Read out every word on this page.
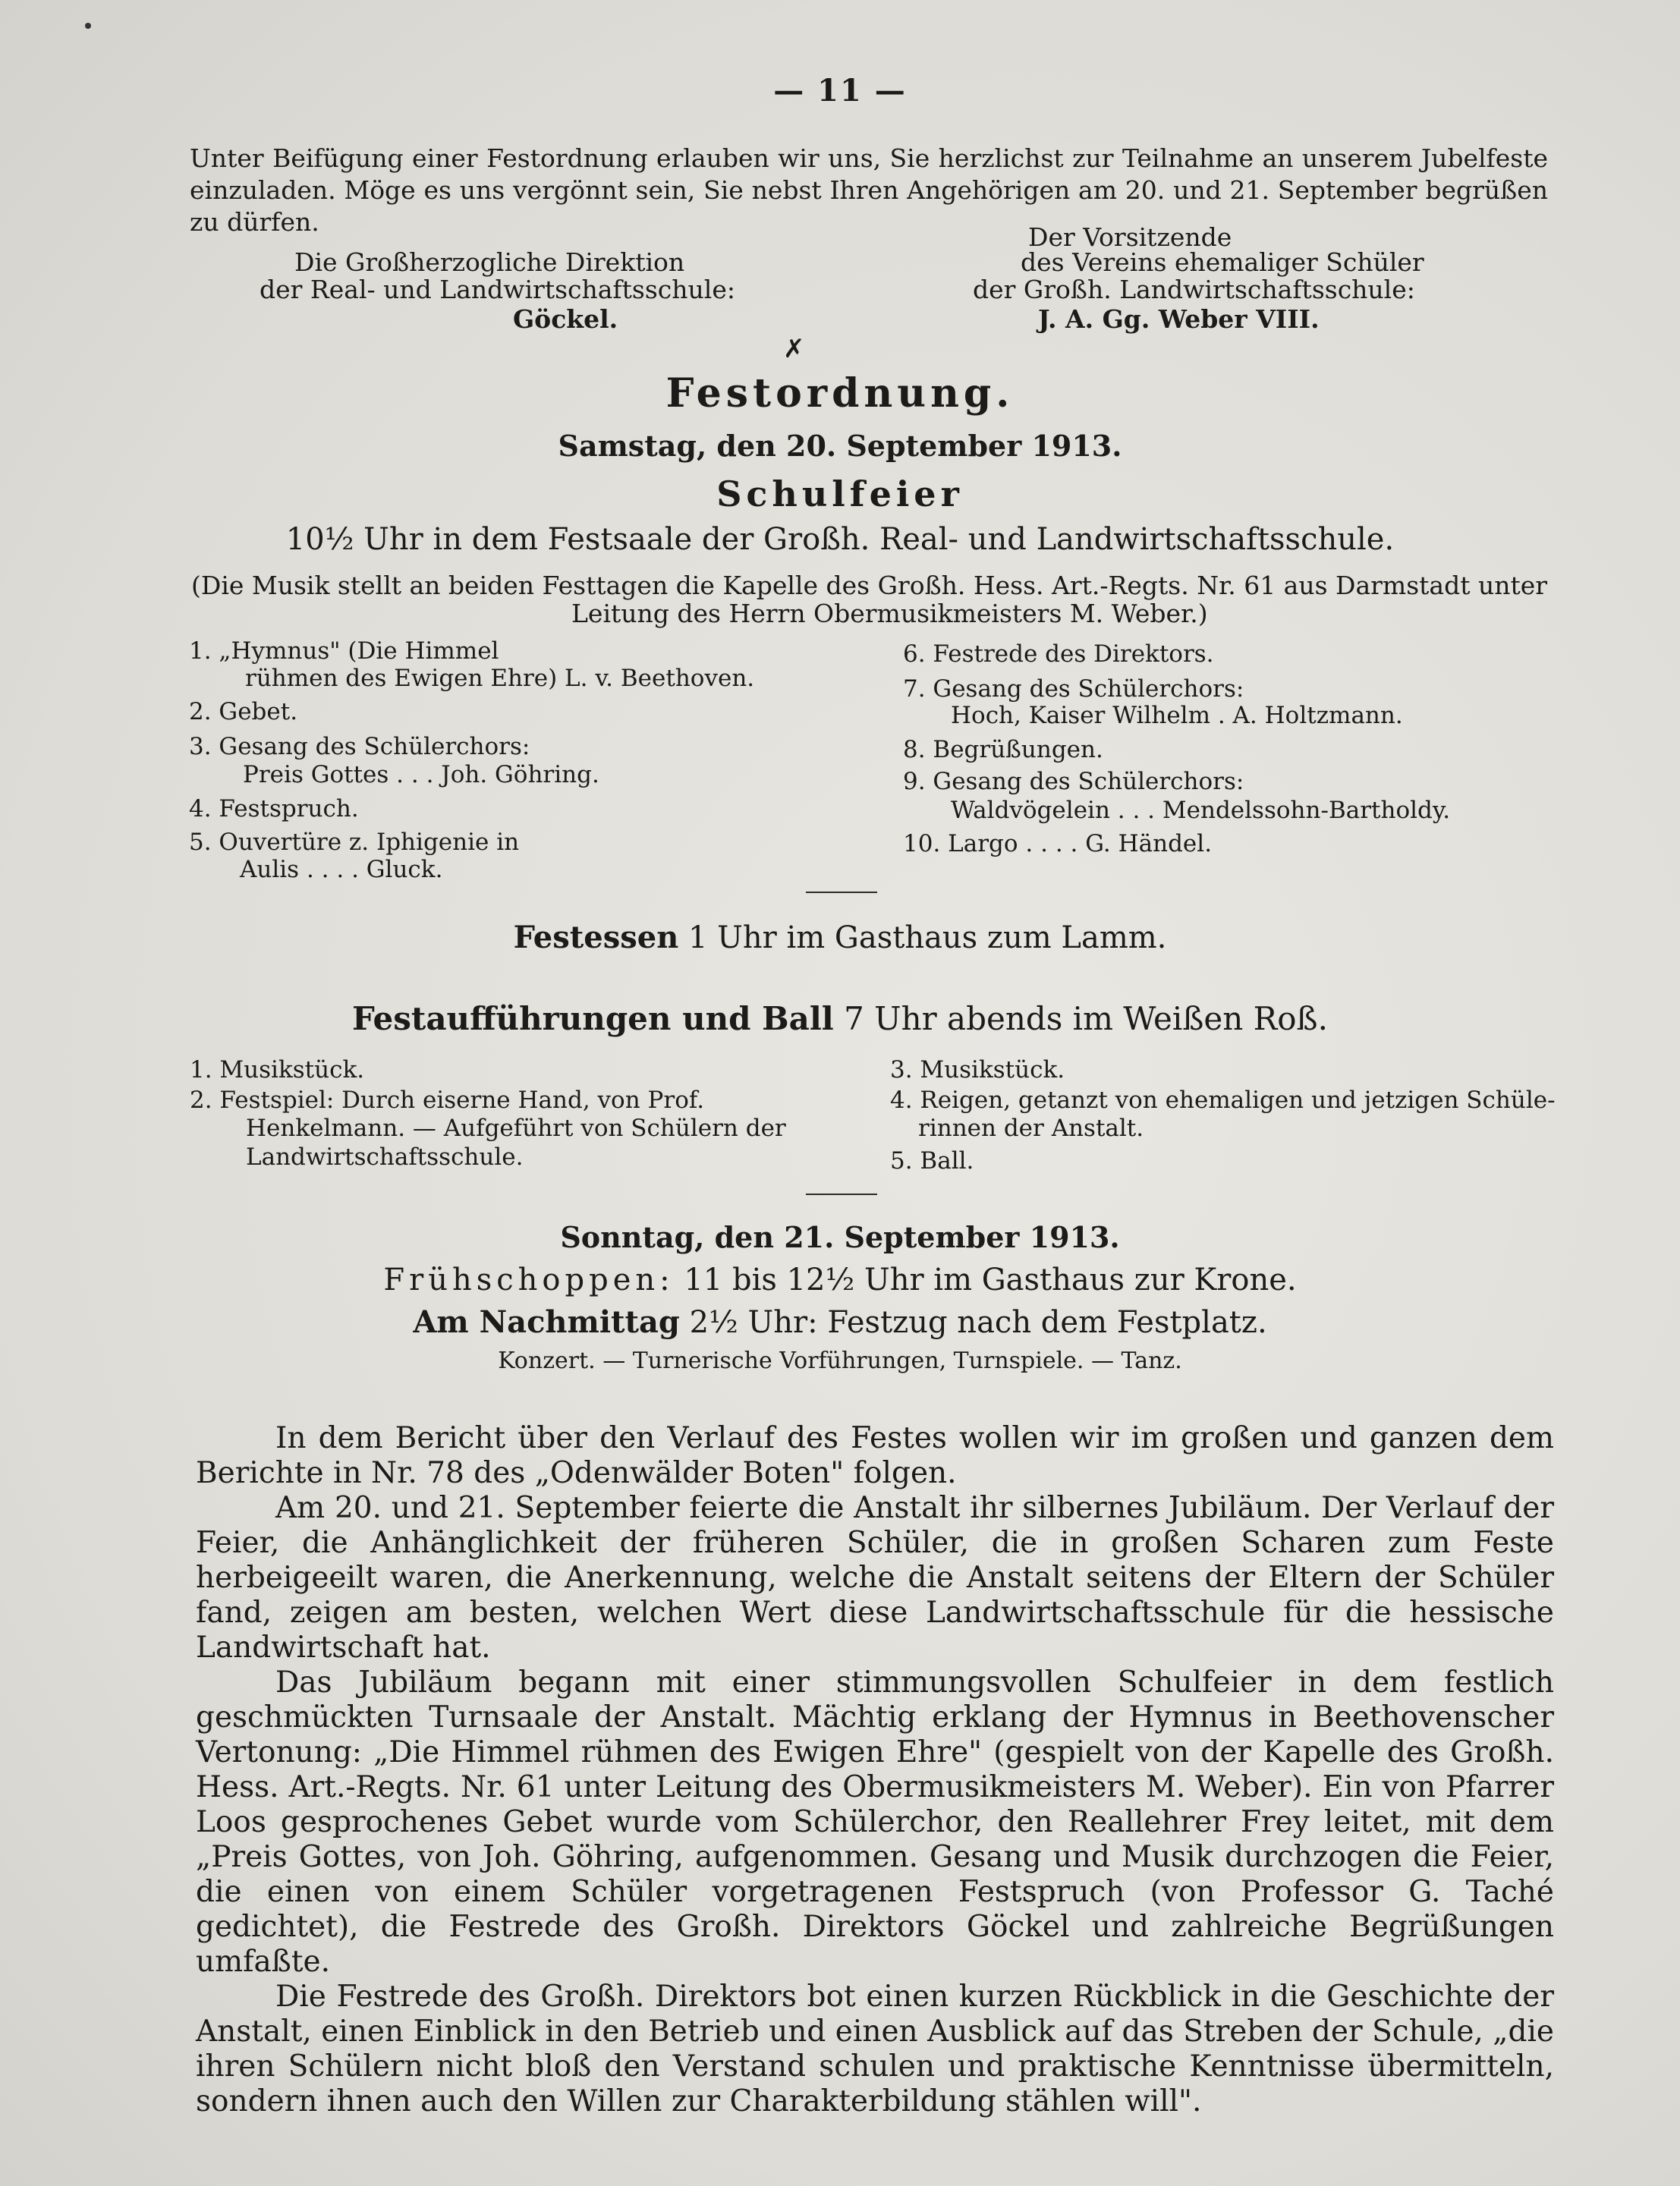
— 11 —
Unter Beifügung einer Festordnung erlauben wir uns, Sie herzlichst zur Teilnahme an unserem Jubelfeste einzuladen. Möge es uns vergönnt sein, Sie nebst Ihren Angehörigen am 20. und 21. September begrüßen zu dürfen.
Der Vorsitzende
Die Großherzogliche Direktion	des Vereins ehemaliger Schüler
der Real- und Landwirtschaftsschule:	der Großh. Landwirtschaftsschule:
Göckel.	J. A. Gg. Weber VIII.
✗
Festordnung.
Samstag, den 20. September 1913.
Schulfeier
10½ Uhr in dem Festsaale der Großh. Real- und Landwirtschaftsschule.
(Die Musik stellt an beiden Festtagen die Kapelle des Großh. Hess. Art.-Regts. Nr. 61 aus Darmstadt unter
Leitung des Herrn Obermusikmeisters M. Weber.)
1. „Hymnus" (Die Himmel
rühmen des Ewigen Ehre) L. v. Beethoven.
2. Gebet.
3. Gesang des Schülerchors:
Preis Gottes . . . Joh. Göhring.
4. Festspruch.
5. Ouvertüre z. Iphigenie in
Aulis . . . . Gluck.
6. Festrede des Direktors.
7. Gesang des Schülerchors:
Hoch, Kaiser Wilhelm . A. Holtzmann.
8. Begrüßungen.
9. Gesang des Schülerchors:
Waldvögelein . . . Mendelssohn-Bartholdy.
10. Largo . . . . G. Händel.
Festessen 1 Uhr im Gasthaus zum Lamm.
Festaufführungen und Ball 7 Uhr abends im Weißen Roß.
1. Musikstück.
2. Festspiel: Durch eiserne Hand, von Prof.
Henkelmann. — Aufgeführt von Schülern der
Landwirtschaftsschule.
3. Musikstück.
4. Reigen, getanzt von ehemaligen und jetzigen Schüle-
rinnen der Anstalt.
5. Ball.
Sonntag, den 21. September 1913.
Frühschoppen: 11 bis 12½ Uhr im Gasthaus zur Krone.
Am Nachmittag 2½ Uhr: Festzug nach dem Festplatz.
Konzert. — Turnerische Vorführungen, Turnspiele. — Tanz.

In dem Bericht über den Verlauf des Festes wollen wir im großen und ganzen dem Berichte in Nr. 78 des „Odenwälder Boten" folgen.

Am 20. und 21. September feierte die Anstalt ihr silbernes Jubiläum. Der Verlauf der Feier, die Anhänglichkeit der früheren Schüler, die in großen Scharen zum Feste herbeigeeilt waren, die Anerkennung, welche die Anstalt seitens der Eltern der Schüler fand, zeigen am besten, welchen Wert diese Landwirtschaftsschule für die hessische Landwirtschaft hat.

Das Jubiläum begann mit einer stimmungsvollen Schulfeier in dem festlich geschmückten Turnsaale der Anstalt. Mächtig erklang der Hymnus in Beethovenscher Vertonung: „Die Himmel rühmen des Ewigen Ehre" (gespielt von der Kapelle des Großh. Hess. Art.-Regts. Nr. 61 unter Leitung des Obermusikmeisters M. Weber). Ein von Pfarrer Loos gesprochenes Gebet wurde vom Schülerchor, den Reallehrer Frey leitet, mit dem „Preis Gottes, von Joh. Göhring, aufgenommen. Gesang und Musik durchzogen die Feier, die einen von einem Schüler vorgetragenen Festspruch (von Professor G. Taché gedichtet), die Festrede des Großh. Direktors Göckel und zahlreiche Begrüßungen umfaßte.

Die Festrede des Großh. Direktors bot einen kurzen Rückblick in die Geschichte der Anstalt, einen Einblick in den Betrieb und einen Ausblick auf das Streben der Schule, „die ihren Schülern nicht bloß den Verstand schulen und praktische Kenntnisse übermitteln, sondern ihnen auch den Willen zur Charakterbildung stählen will".
